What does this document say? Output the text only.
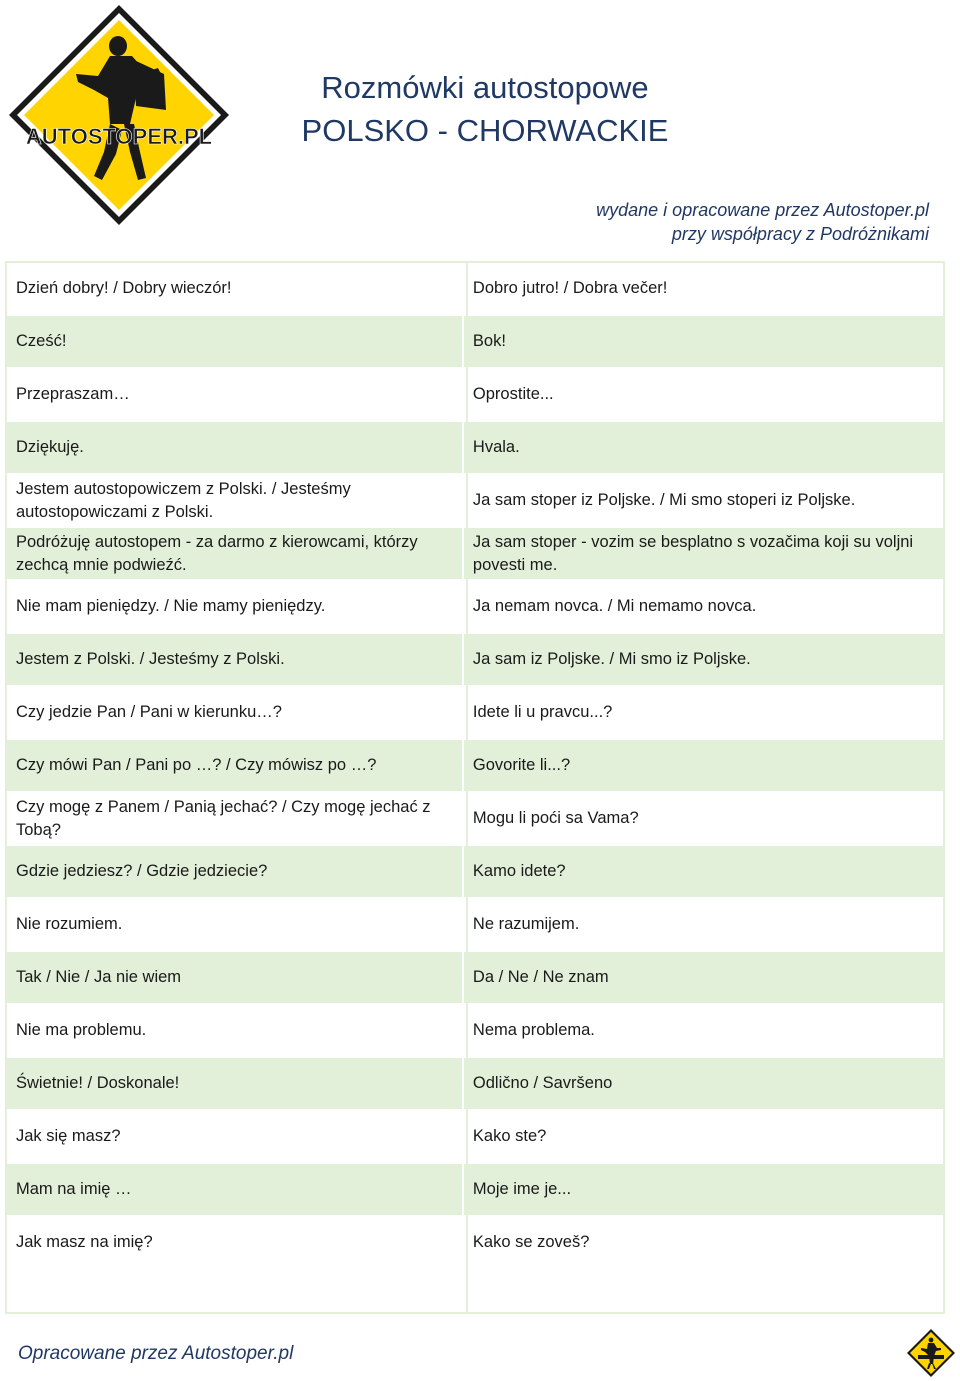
AUTOSTOPER.PL
Rozmówki autostopowe
POLSKO - CHORWACKIE
wydane i opracowane przez Autostoper.pl
przy współpracy z Podróżnikami
Dzień dobry! / Dobry wieczór!	Dobro jutro! / Dobra večer!
Cześć!	Bok!
Przepraszam…	Oprostite...
Dziękuję.	Hvala.
Jestem autostopowiczem z Polski. / Jesteśmy autostopowiczami z Polski.	Ja sam stoper iz Poljske. / Mi smo stoperi iz Poljske.
Podróżuję autostopem - za darmo z kierowcami, którzy zechcą mnie podwieźć.	Ja sam stoper - vozim se besplatno s vozačima koji su voljni povesti me.
Nie mam pieniędzy. / Nie mamy pieniędzy.	Ja nemam novca. / Mi nemamo novca.
Jestem z Polski. / Jesteśmy z Polski.	Ja sam iz Poljske. / Mi smo iz Poljske.
Czy jedzie Pan / Pani w kierunku…?	Idete li u pravcu...?
Czy mówi Pan / Pani po …? / Czy mówisz po …?	Govorite li...?
Czy mogę z Panem / Panią jechać? / Czy mogę jechać z Tobą?	Mogu li poći sa Vama?
Gdzie jedziesz? / Gdzie jedziecie?	Kamo idete?
Nie rozumiem.	Ne razumijem.
Tak / Nie / Ja nie wiem	Da / Ne / Ne znam
Nie ma problemu.	Nema problema.
Świetnie! / Doskonale!	Odlično / Savršeno
Jak się masz?	Kako ste?
Mam na imię …	Moje ime je...
Jak masz na imię?	Kako se zoveš?
Opracowane przez Autostoper.pl
